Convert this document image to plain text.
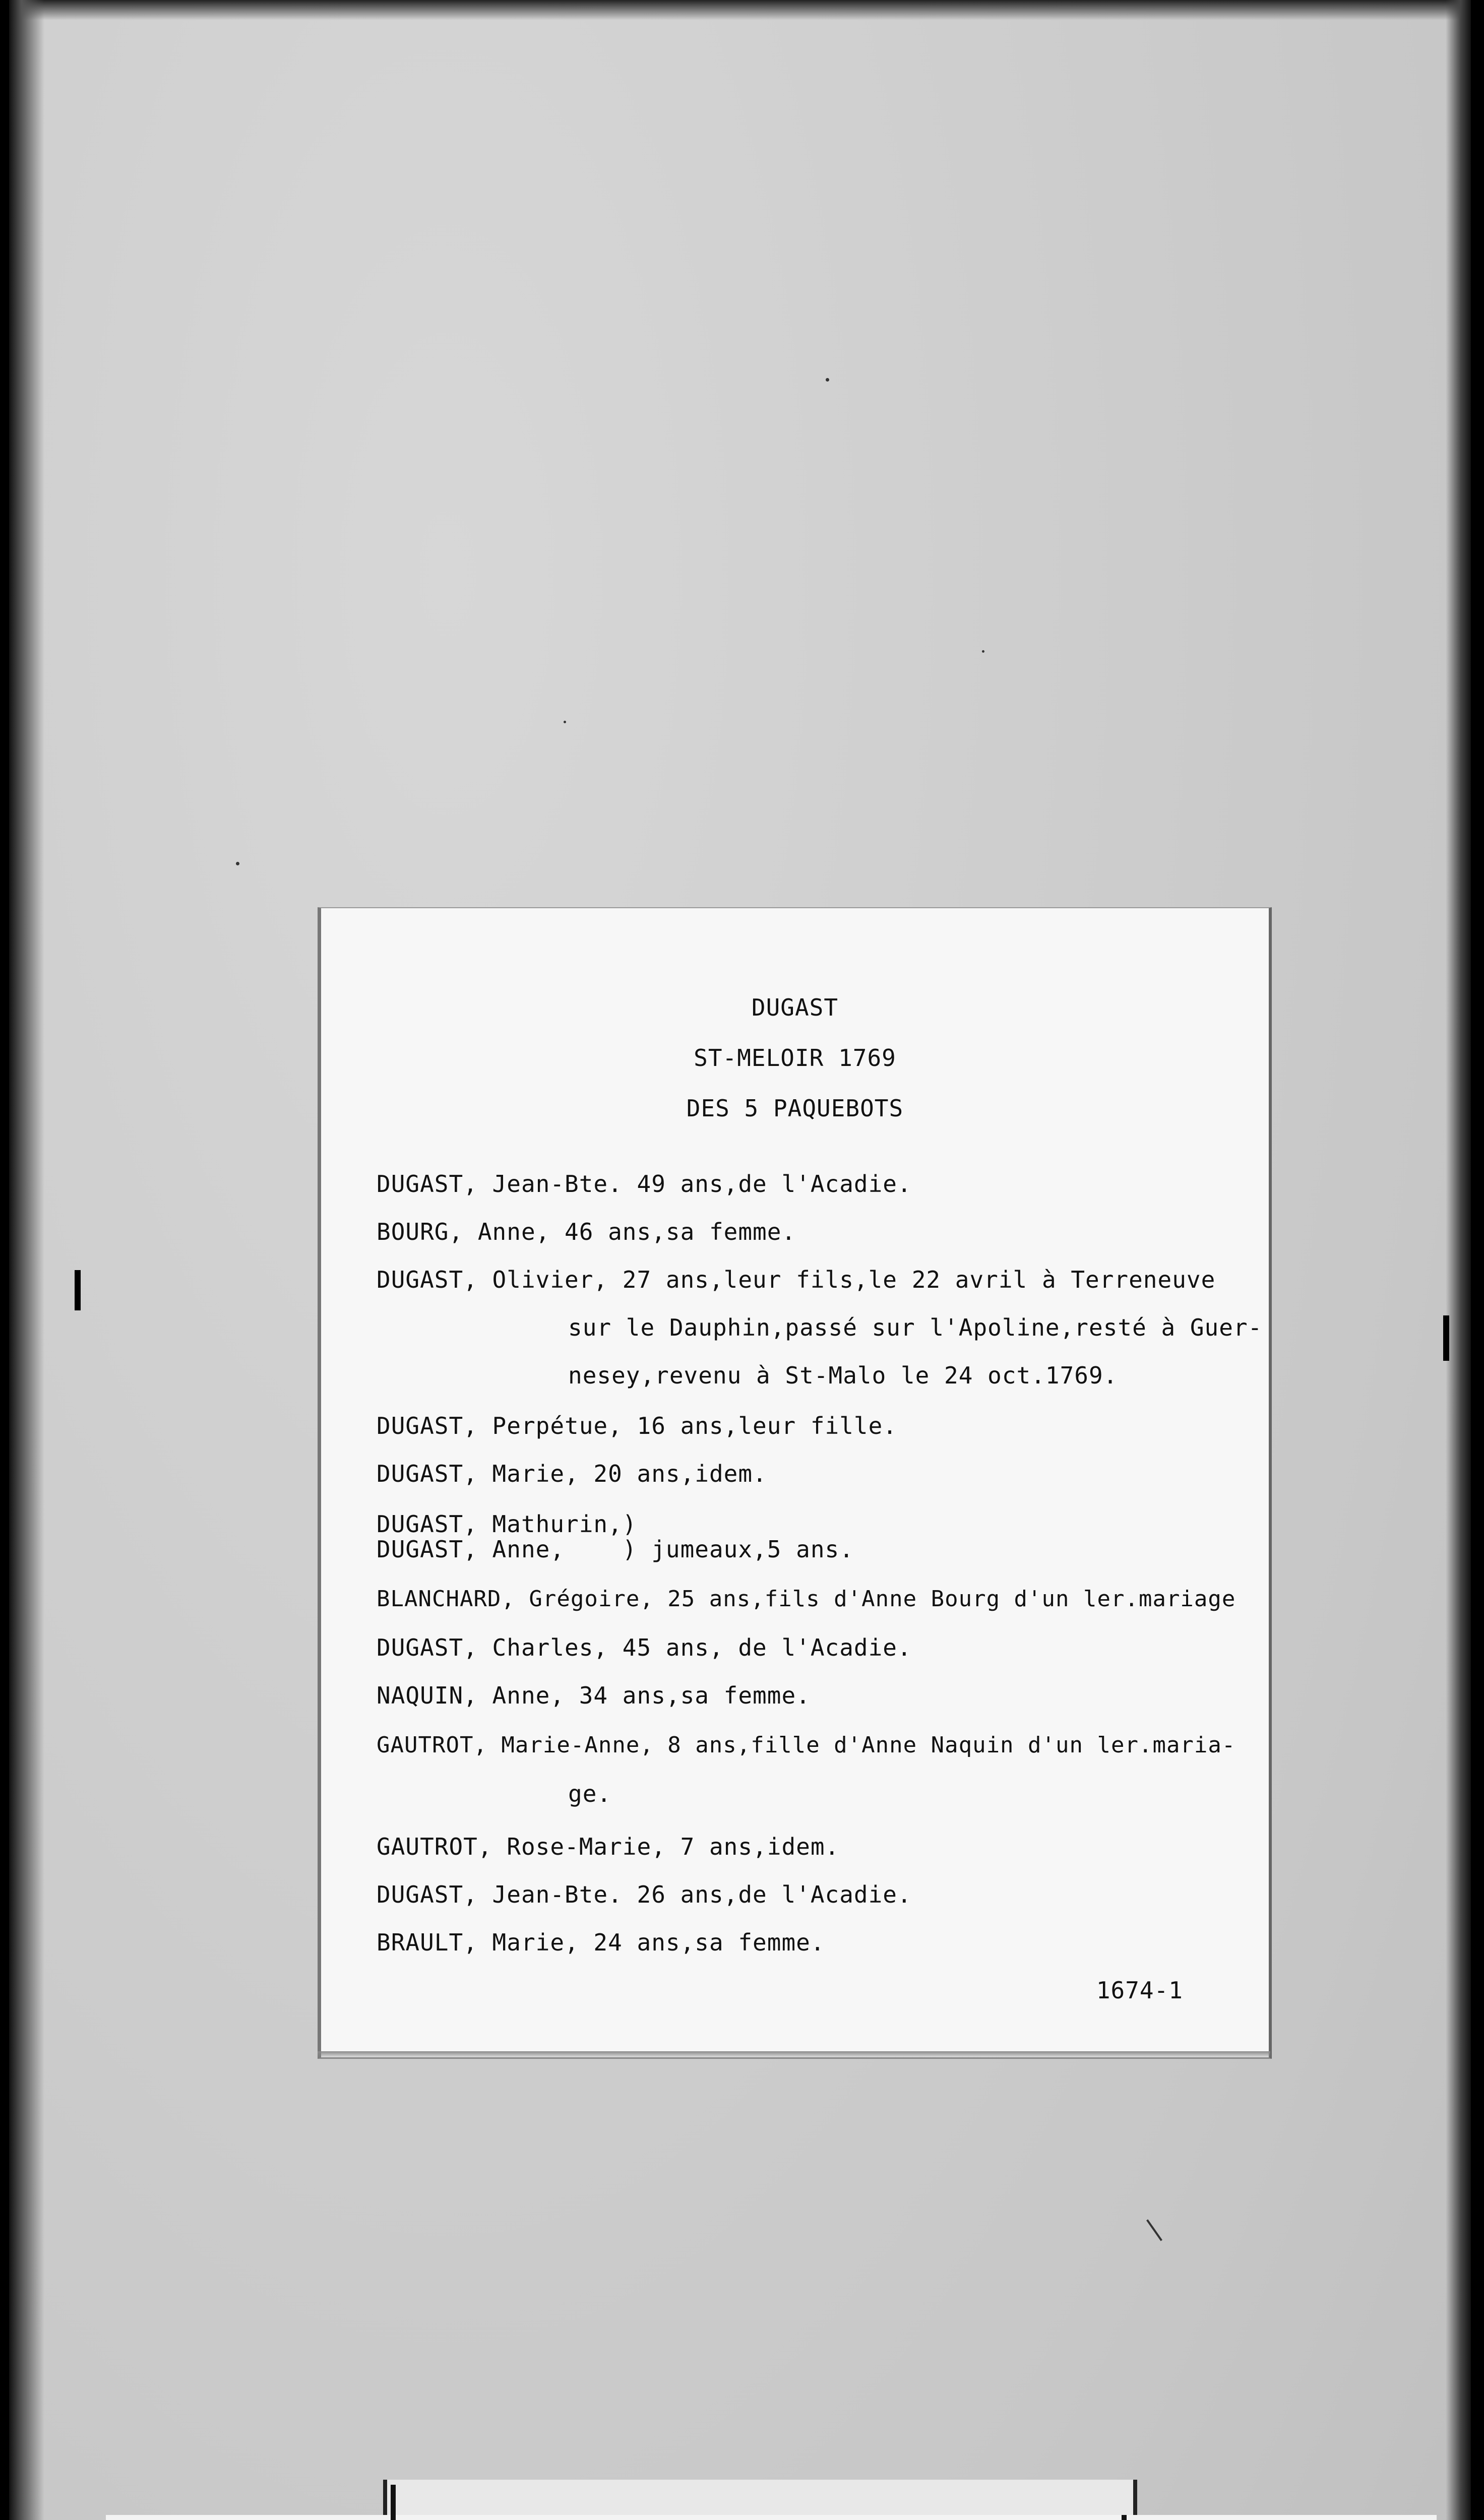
DUGAST
ST-MELOIR 1769
DES 5 PAQUEBOTS
DUGAST, Jean-Bte. 49 ans,de l'Acadie.
BOURG, Anne, 46 ans,sa femme.
DUGAST, Olivier, 27 ans,leur fils,le 22 avril à Terreneuve
sur le Dauphin,passé sur l'Apoline,resté à Guer-
nesey,revenu à St-Malo le 24 oct.1769.
DUGAST, Perpétue, 16 ans,leur fille.
DUGAST, Marie, 20 ans,idem.
DUGAST, Mathurin,)
DUGAST, Anne,    ) jumeaux,5 ans.
BLANCHARD, Grégoire, 25 ans,fils d'Anne Bourg d'un ler.mariage
DUGAST, Charles, 45 ans, de l'Acadie.
NAQUIN, Anne, 34 ans,sa femme.
GAUTROT, Marie-Anne, 8 ans,fille d'Anne Naquin d'un ler.maria-
ge.
GAUTROT, Rose-Marie, 7 ans,idem.
DUGAST, Jean-Bte. 26 ans,de l'Acadie.
BRAULT, Marie, 24 ans,sa femme.
1674-1
